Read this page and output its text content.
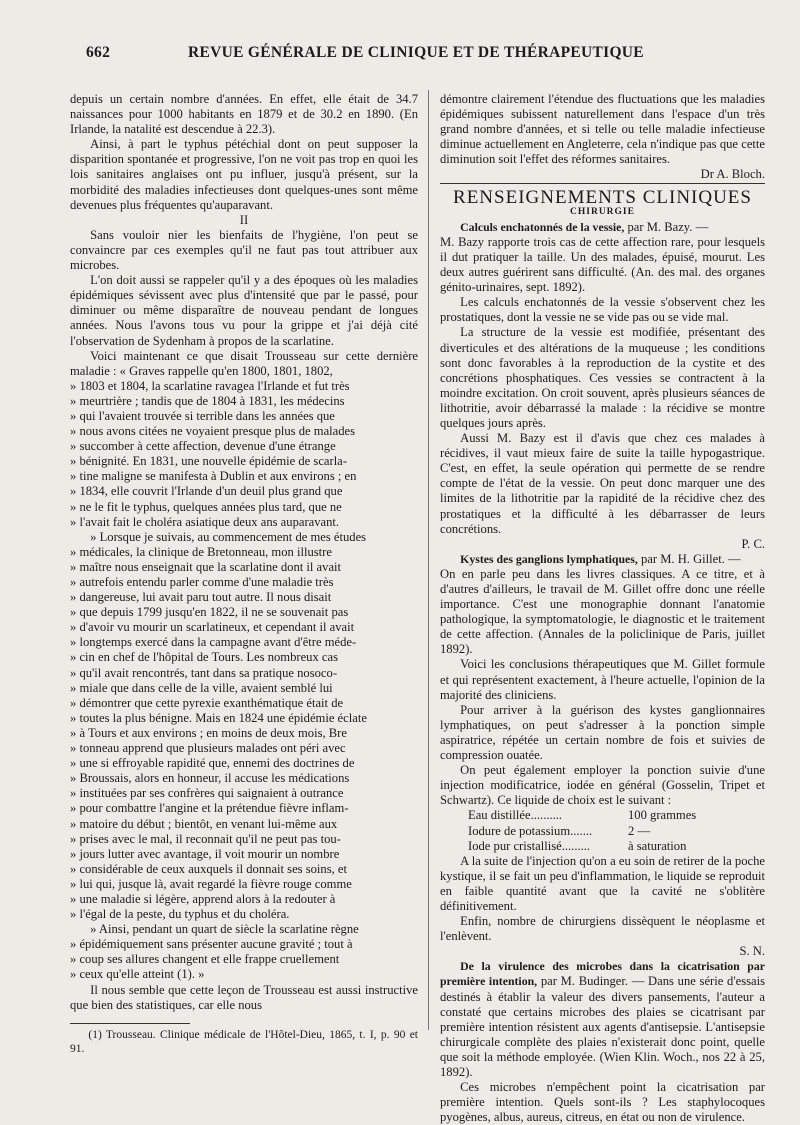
662	REVUE GÉNÉRALE DE CLINIQUE ET DE THÉRAPEUTIQUE

depuis un certain nombre d'années. En effet, elle était de 34.7 naissances pour 1000 habitants en 1879 et de 30.2 en 1890. (En Irlande, la natalité est descendue à 22.3).

Ainsi, à part le typhus pétéchial dont on peut supposer la disparition spontanée et progressive, l'on ne voit pas trop en quoi les lois sanitaires anglaises ont pu influer, jusqu'à présent, sur la morbidité des maladies infectieuses dont quelques-unes sont même devenues plus fréquentes qu'auparavant.

II

Sans vouloir nier les bienfaits de l'hygiène, l'on peut se convaincre par ces exemples qu'il ne faut pas tout attribuer aux microbes.

L'on doit aussi se rappeler qu'il y a des époques où les maladies épidémiques sévissent avec plus d'intensité que par le passé, pour diminuer ou même disparaître de nouveau pendant de longues années. Nous l'avons tous vu pour la grippe et j'ai déjà cité l'observation de Sydenham à propos de la scarlatine.

Voici maintenant ce que disait Trousseau sur cette dernière maladie : « Graves rappelle qu'en 1800, 1801, 1802,

» 1803 et 1804, la scarlatine ravagea l'Irlande et fut très
» meurtrière ; tandis que de 1804 à 1831, les médecins
» qui l'avaient trouvée si terrible dans les années que
» nous avons citées ne voyaient presque plus de malades
» succomber à cette affection, devenue d'une étrange
» bénignité. En 1831, une nouvelle épidémie de scarla-
» tine maligne se manifesta à Dublin et aux environs ; en
» 1834, elle couvrit l'Irlande d'un deuil plus grand que
» ne le fit le typhus, quelques années plus tard, que ne
» l'avait fait le choléra asiatique deux ans auparavant.
» Lorsque je suivais, au commencement de mes études
» médicales, la clinique de Bretonneau, mon illustre
» maître nous enseignait que la scarlatine dont il avait
» autrefois entendu parler comme d'une maladie très
» dangereuse, lui avait paru tout autre. Il nous disait
» que depuis 1799 jusqu'en 1822, il ne se souvenait pas
» d'avoir vu mourir un scarlatineux, et cependant il avait
» longtemps exercé dans la campagne avant d'être méde-
» cin en chef de l'hôpital de Tours. Les nombreux cas
» qu'il avait rencontrés, tant dans sa pratique nosoco-
» miale que dans celle de la ville, avaient semblé lui
» démontrer que cette pyrexie exanthématique était de
» toutes la plus bénigne. Mais en 1824 une épidémie éclate
» à Tours et aux environs ; en moins de deux mois, Bre
» tonneau apprend que plusieurs malades ont péri avec
» une si effroyable rapidité que, ennemi des doctrines de
» Broussais, alors en honneur, il accuse les médications
» instituées par ses confrères qui saignaient à outrance
» pour combattre l'angine et la prétendue fièvre inflam-
» matoire du début ; bientôt, en venant lui-même aux
» prises avec le mal, il reconnait qu'il ne peut pas tou-
» jours lutter avec avantage, il voit mourir un nombre
» considérable de ceux auxquels il donnait ses soins, et
» lui qui, jusque là, avait regardé la fièvre rouge comme
» une maladie si légère, apprend alors à la redouter à
» l'égal de la peste, du typhus et du choléra.
» Ainsi, pendant un quart de siècle la scarlatine règne
» épidémiquement sans présenter aucune gravité ; tout à
» coup ses allures changent et elle frappe cruellement
» ceux qu'elle atteint (1). »

Il nous semble que cette leçon de Trousseau est aussi instructive que bien des statistiques, car elle nous

(1) Trousseau. Clinique médicale de l'Hôtel-Dieu, 1865, t. I, p. 90 et 91.

démontre clairement l'étendue des fluctuations que les maladies épidémiques subissent naturellement dans l'espace d'un très grand nombre d'années, et si telle ou telle maladie infectieuse diminue actuellement en Angleterre, cela n'indique pas que cette diminution soit l'effet des réformes sanitaires.

Dr A. Bloch.

RENSEIGNEMENTS CLINIQUES

CHIRURGIE

Calculs enchatonnés de la vessie, par M. Bazy. —

M. Bazy rapporte trois cas de cette affection rare, pour lesquels il dut pratiquer la taille. Un des malades, épuisé, mourut. Les deux autres guérirent sans difficulté. (An. des mal. des organes génito-urinaires, sept. 1892).

Les calculs enchatonnés de la vessie s'observent chez les prostatiques, dont la vessie ne se vide pas ou se vide mal.

La structure de la vessie est modifiée, présentant des diverticules et des altérations de la muqueuse ; les conditions sont donc favorables à la reproduction de la cystite et des concrétions phosphatiques. Ces vessies se contractent à la moindre excitation. On croit souvent, après plusieurs séances de lithotritie, avoir débarrassé la malade : la récidive se montre quelques jours après.

Aussi M. Bazy est il d'avis que chez ces malades à récidives, il vaut mieux faire de suite la taille hypogastrique. C'est, en effet, la seule opération qui permette de se rendre compte de l'état de la vessie. On peut donc marquer une des limites de la lithotritie par la rapidité de la récidive chez des prostatiques et la difficulté à les débarrasser de leurs concrétions.

P. C.

Kystes des ganglions lymphatiques, par M. H. Gillet. —

On en parle peu dans les livres classiques. A ce titre, et à d'autres d'ailleurs, le travail de M. Gillet offre donc une réelle importance. C'est une monographie donnant l'anatomie pathologique, la symptomatologie, le diagnostic et le traitement de cette affection. (Annales de la policlinique de Paris, juillet 1892).

Voici les conclusions thérapeutiques que M. Gillet formule et qui représentent exactement, à l'heure actuelle, l'opinion de la majorité des cliniciens.

Pour arriver à la guérison des kystes ganglionnaires lymphatiques, on peut s'adresser à la ponction simple aspiratrice, répétée un certain nombre de fois et suivies de compression ouatée.

On peut également employer la ponction suivie d'une injection modificatrice, iodée en général (Gosselin, Tripet et Schwartz). Ce liquide de choix est le suivant :

Eau distillée..........	100 grammes
Iodure de potassium.......	2 —
Iode pur cristallisé.........	à saturation

A la suite de l'injection qu'on a eu soin de retirer de la poche kystique, il se fait un peu d'inflammation, le liquide se reproduit en faible quantité avant que la cavité ne s'oblitère définitivement.

Enfin, nombre de chirurgiens dissèquent le néoplasme et l'enlèvent.

S. N.

De la virulence des microbes dans la cicatrisation par première intention, par M. Budinger. — Dans une série d'essais destinés à établir la valeur des divers pansements, l'auteur a constaté que certains microbes des plaies se cicatrisant par première intention résistent aux agents d'antisepsie. L'antisepsie chirurgicale complète des plaies n'existerait donc point, quelle que soit la méthode employée. (Wien Klin. Woch., nos 22 à 25, 1892).

Ces microbes n'empêchent point la cicatrisation par première intention. Quels sont-ils ? Les staphylocoques pyogènes, albus, aureus, citreus, en état ou non de virulence.
